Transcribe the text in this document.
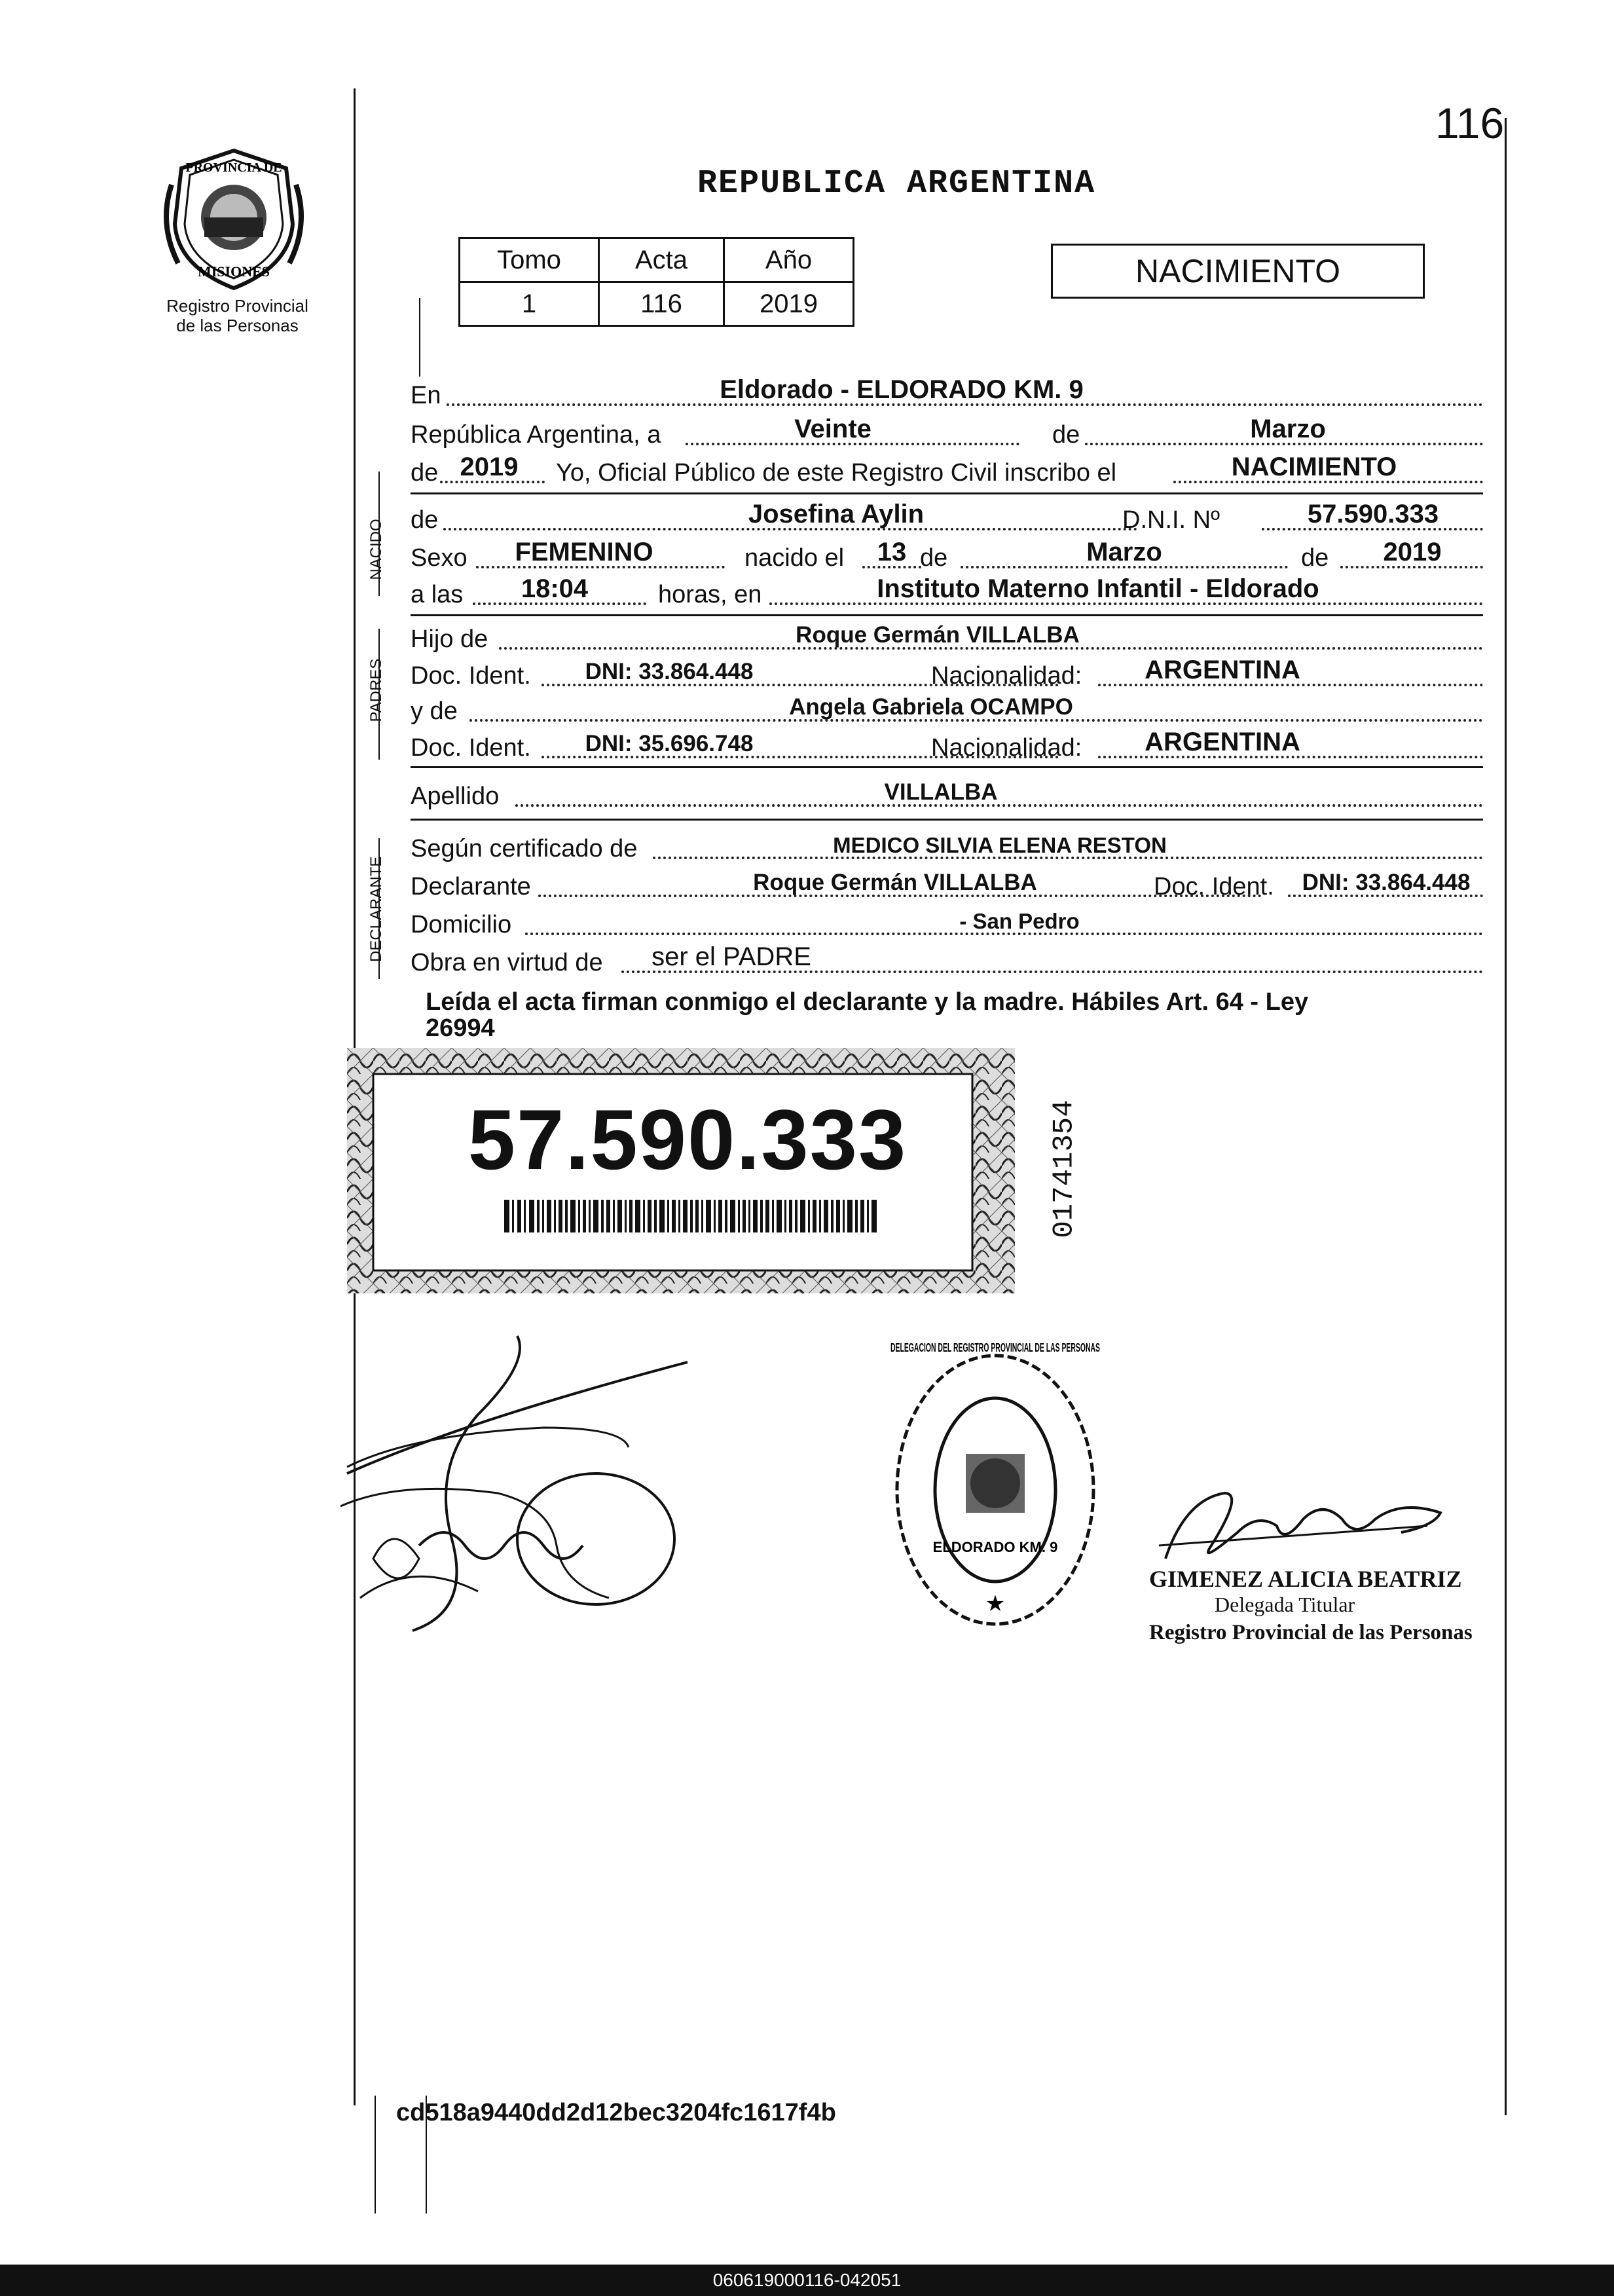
116
PROVINCIA DE
MISIONES
Registro Provincial
de las Personas
REPUBLICA ARGENTINA
Tomo	Acta	Año
1	116	2019
NACIMIENTO
NACIDO
PADRES
DECLARANTE
En	Eldorado - ELDORADO KM. 9
República Argentina, a	Veinte	de	Marzo
de 2019	Yo, Oficial Público de este Registro Civil inscribo el	NACIMIENTO
de	Josefina Aylin	D.N.I. Nº	57.590.333
Sexo	FEMENINO	nacido el	13 de	Marzo	de	2019
a las	18:04	horas, en	Instituto Materno Infantil - Eldorado
Hijo de	Roque Germán VILLALBA
Doc. Ident.	DNI: 33.864.448	Nacionalidad:	ARGENTINA
y de	Angela Gabriela OCAMPO
Doc. Ident.	DNI: 35.696.748	Nacionalidad:	ARGENTINA
Apellido	VILLALBA
Según certificado de	MEDICO SILVIA ELENA RESTON
Declarante	Roque Germán VILLALBA	Doc. Ident.	DNI: 33.864.448
Domicilio	- San Pedro
Obra en virtud de	ser el PADRE
Leída el acta firman conmigo el declarante y la madre. Hábiles Art. 64 - Ley
26994
57.590.333	01741354
DELEGACION DEL REGISTRO PROVINCIAL DE LAS PERSONAS
ELDORADO KM. 9
★
GIMENEZ ALICIA BEATRIZ
Delegada Titular
Registro Provincial de las Personas
cd518a9440dd2d12bec3204fc1617f4b
060619000116-042051
